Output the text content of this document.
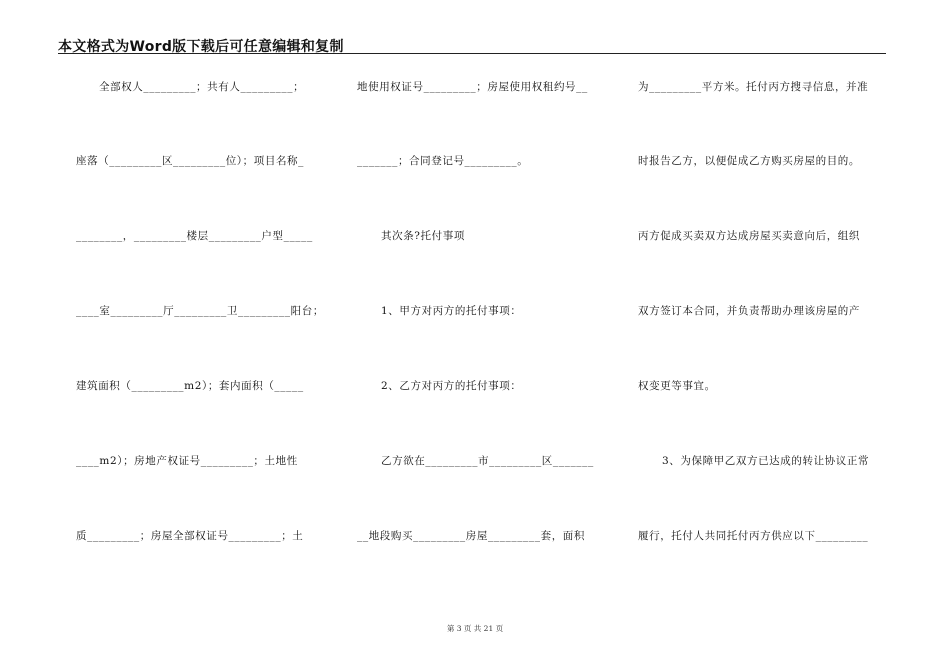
本文格式为Word版下载后可任意编辑和复制
全部权人_________；共有人_________；
座落（_________区_________位）；项目名称_
________，_________楼层_________户型_____
____室_________厅_________卫_________阳台；
建筑面积（_________m2）；套内面积（_____
____m2）；房地产权证号_________；土地性
质_________；房屋全部权证号_________；土
地使用权证号_________；房屋使用权租约号__
_______；合同登记号_________。
其次条?托付事项
1、甲方对丙方的托付事项：
2、乙方对丙方的托付事项：
乙方欲在_________市_________区_______
__地段购买_________房屋_________套，面积
为_________平方米。托付丙方搜寻信息，并准
时报告乙方，以便促成乙方购买房屋的目的。
丙方促成买卖双方达成房屋买卖意向后，组织
双方签订本合同，并负责帮助办理该房屋的产
权变更等事宜。
3、为保障甲乙双方已达成的转让协议正常
履行，托付人共同托付丙方供应以下_________
第 3 页 共 21 页
